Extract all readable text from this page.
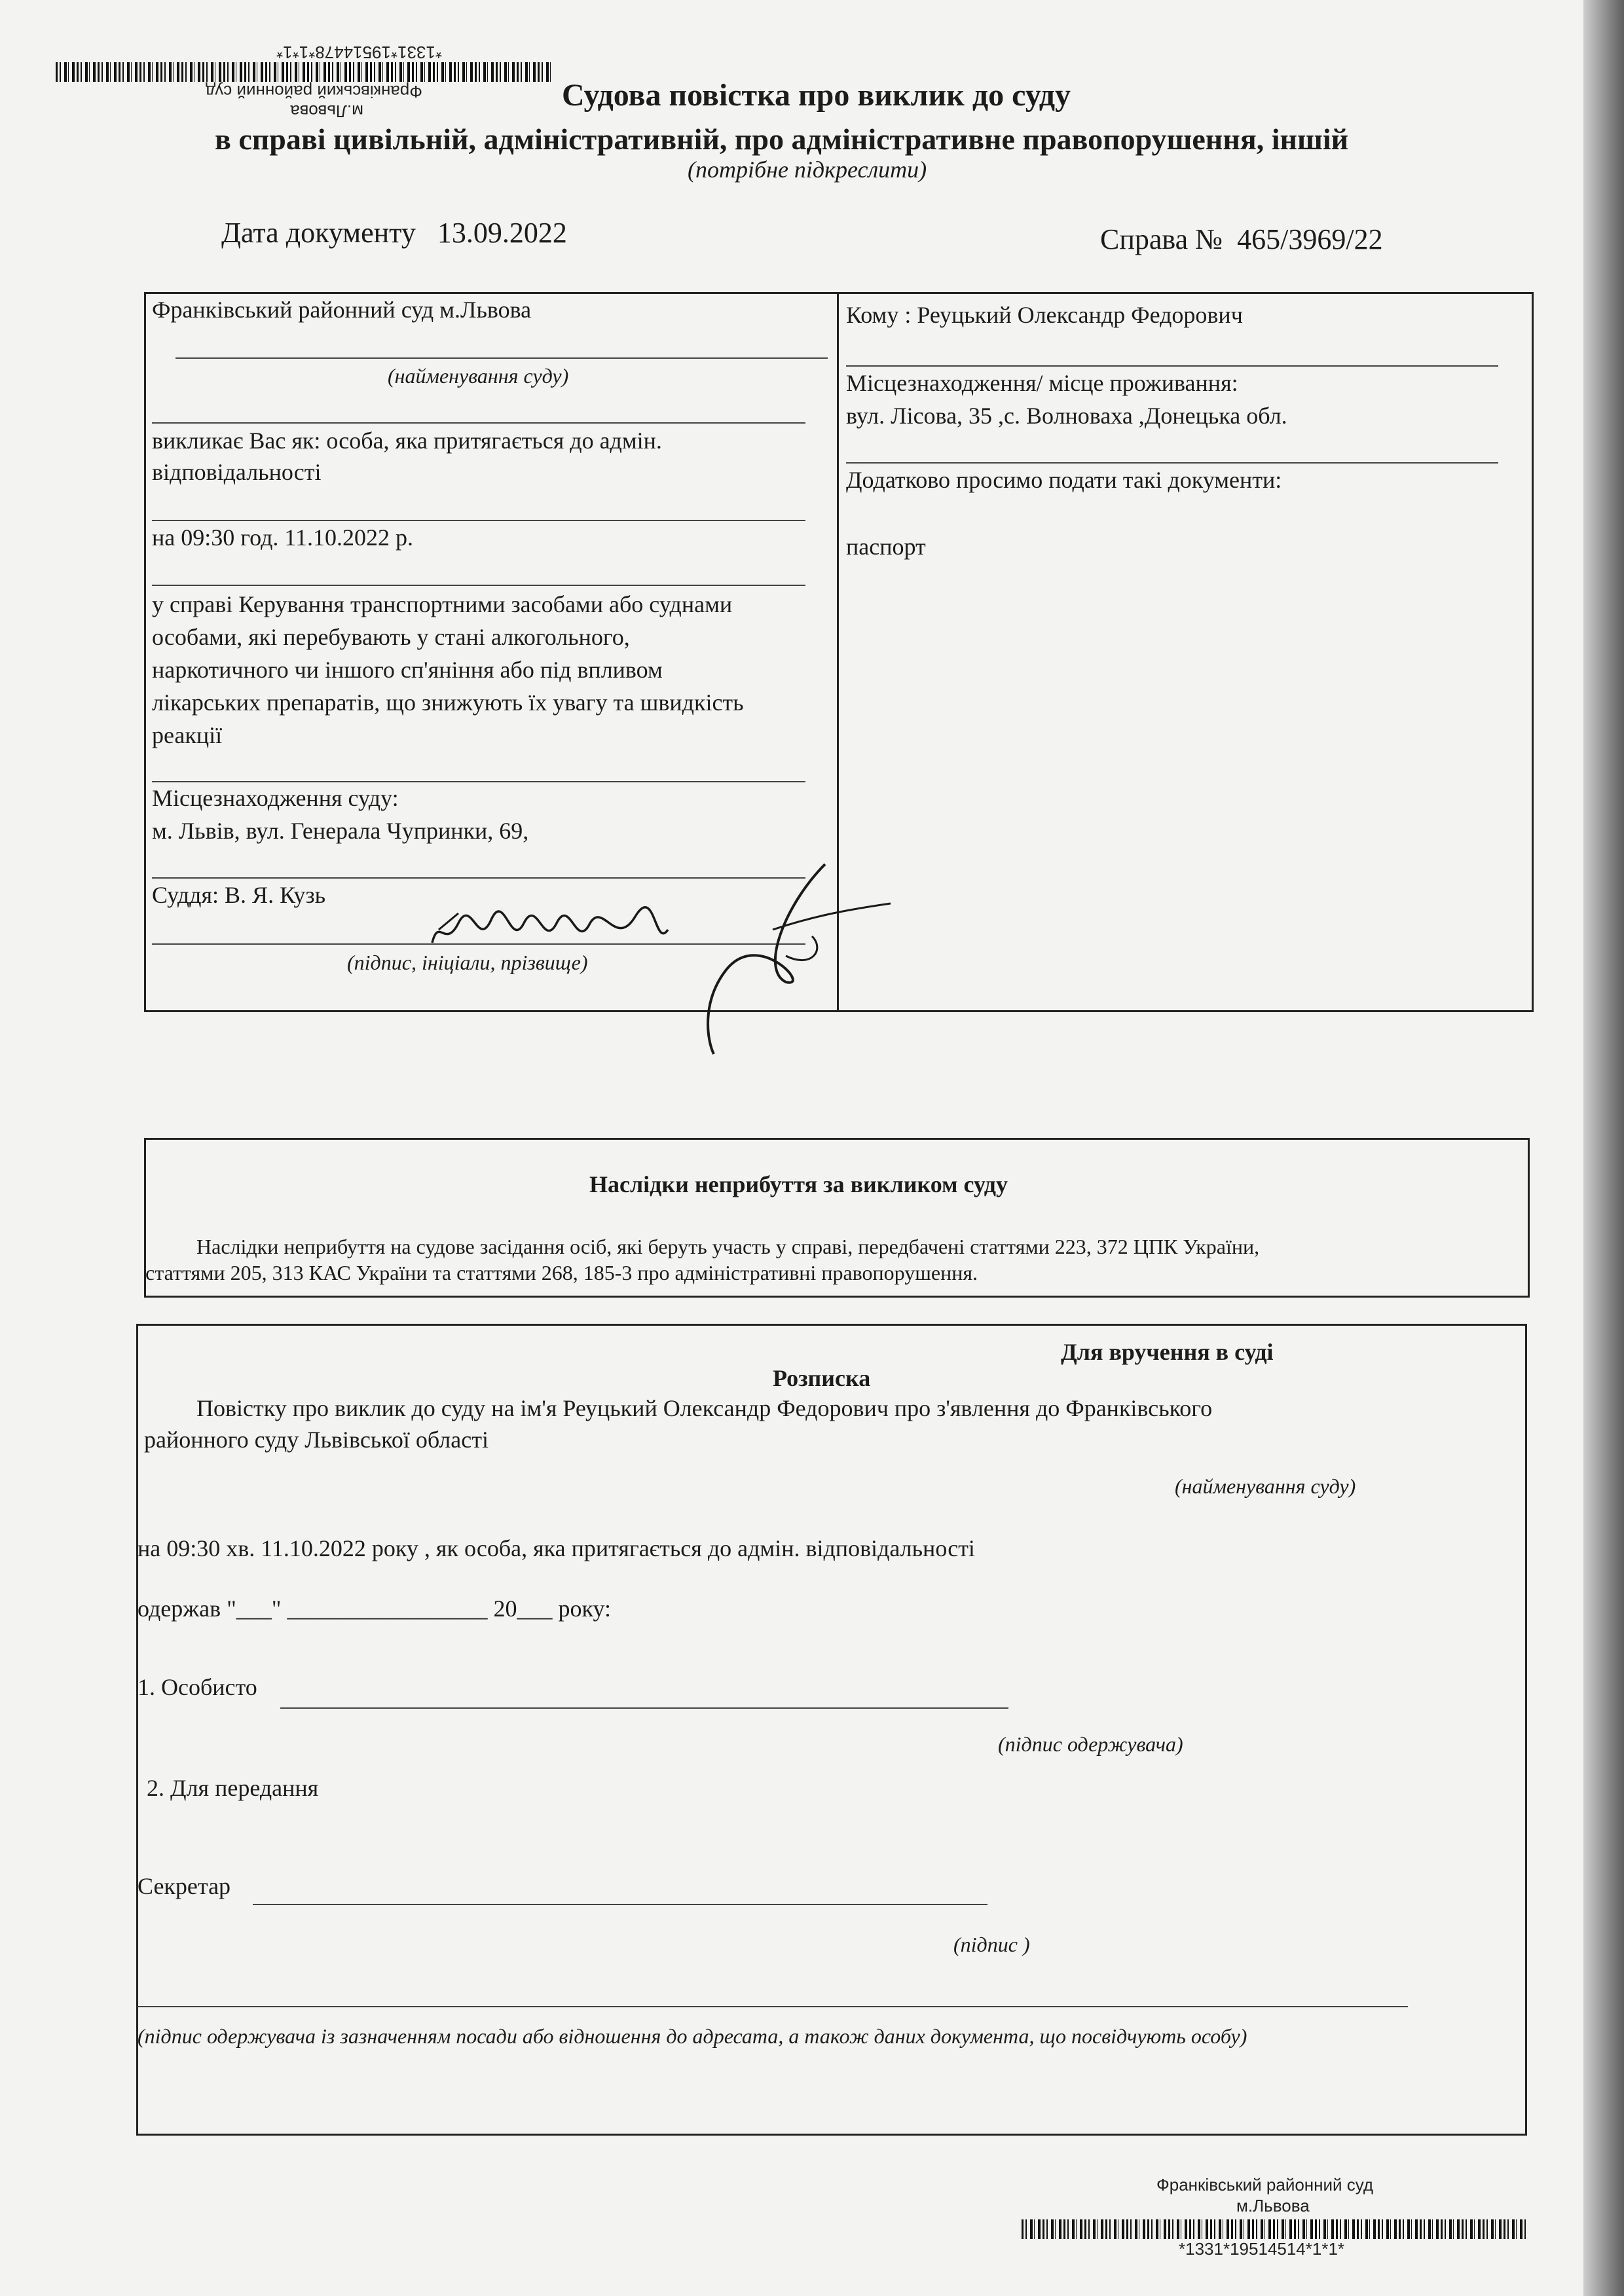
*1331*19514478*1*1*
м.Львова
Франківський районний суд	Судова повістка про виклик до суду
в справі цивільній, адміністративній, про адміністративне правопорушення, іншій
(потрібне підкреслити)
Дата документу 13.09.2022	Справа № 465/3969/22
Франківський районний суд м.Львова
(найменування суду)
викликає Вас як: особа, яка притягається до адмін.
відповідальності
на 09:30 год. 11.10.2022 р.
у справі Керування транспортними засобами або суднами
особами, які перебувають у стані алкогольного,
наркотичного чи іншого сп'яніння або під впливом
лікарських препаратів, що знижують їх увагу та швидкість
реакції
Місцезнаходження суду:
м. Львів, вул. Генерала Чупринки, 69,
Суддя: В. Я. Кузь
(підпис, ініціали, прізвище)
Кому : Реуцький Олександр Федорович
Місцезнаходження/ місце проживання:
вул. Лісова, 35 ,с. Волноваха ,Донецька обл.
Додатково просимо подати такі документи:
паспорт
Наслідки неприбуття за викликом суду
Наслідки неприбуття на судове засідання осіб, які беруть участь у справі, передбачені статтями 223, 372 ЦПК України,
статтями 205, 313 КАС України та статтями 268, 185-3 про адміністративні правопорушення.
Для вручення в суді
Розписка
Повістку про виклик до суду на ім'я Реуцький Олександр Федорович про з'явлення до Франківського
районного суду Львівської області
(найменування суду)
на 09:30 хв. 11.10.2022 року , як особа, яка притягається до адмін. відповідальності
одержав "___" _________________ 20___ року:
1. Особисто
(підпис одержувача)
2. Для передання
Секретар
(підпис )
(підпис одержувача із зазначенням посади або відношення до адресата, а також даних документа, що посвідчують особу)
Франківський районний суд
м.Львова
*1331*19514514*1*1*
